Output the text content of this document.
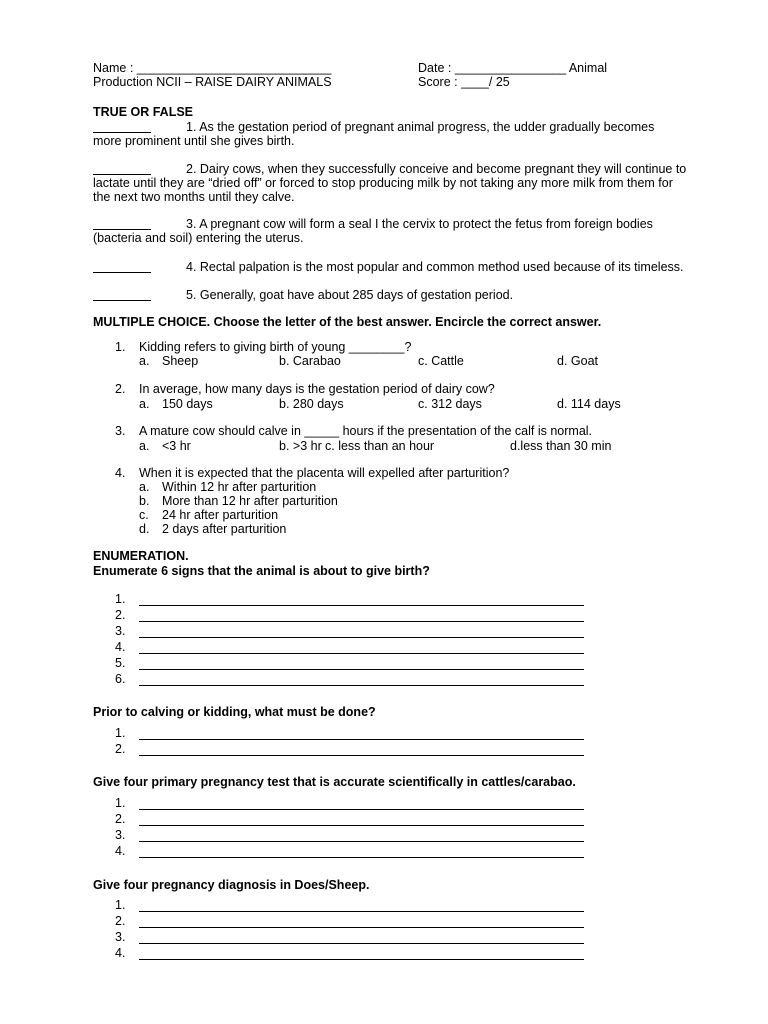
Name : ____________________________	Date : ________________ Animal
Production NCII – RAISE DAIRY ANIMALS	Score : ____/ 25
TRUE OR FALSE
1. As the gestation period of pregnant animal progress, the udder gradually becomes
more prominent until she gives birth.
2. Dairy cows, when they successfully conceive and become pregnant they will continue to
lactate until they are “dried off” or forced to stop producing milk by not taking any more milk from them for
the next two months until they calve.
3. A pregnant cow will form a seal I the cervix to protect the fetus from foreign bodies
(bacteria and soil) entering the uterus.
4. Rectal palpation is the most popular and common method used because of its timeless.
5. Generally, goat have about 285 days of gestation period.
MULTIPLE CHOICE. Choose the letter of the best answer. Encircle the correct answer.
1. Kidding refers to giving birth of young ________?
a. Sheep	b. Carabao	c. Cattle	d. Goat
2. In average, how many days is the gestation period of dairy cow?
a. 150 days	b. 280 days	c. 312 days	d. 114 days
3. A mature cow should calve in _____ hours if the presentation of the calf is normal.
a. <3 hr	b. >3 hr c. less than an hour	d.less than 30 min
4. When it is expected that the placenta will expelled after parturition?
a. Within 12 hr after parturition
b. More than 12 hr after parturition
c. 24 hr after parturition
d. 2 days after parturition
ENUMERATION.
Enumerate 6 signs that the animal is about to give birth?
1.
2.
3.
4.
5.
6.
Prior to calving or kidding, what must be done?
1.
2.
Give four primary pregnancy test that is accurate scientifically in cattles/carabao.
1.
2.
3.
4.
Give four pregnancy diagnosis in Does/Sheep.
1.
2.
3.
4.
